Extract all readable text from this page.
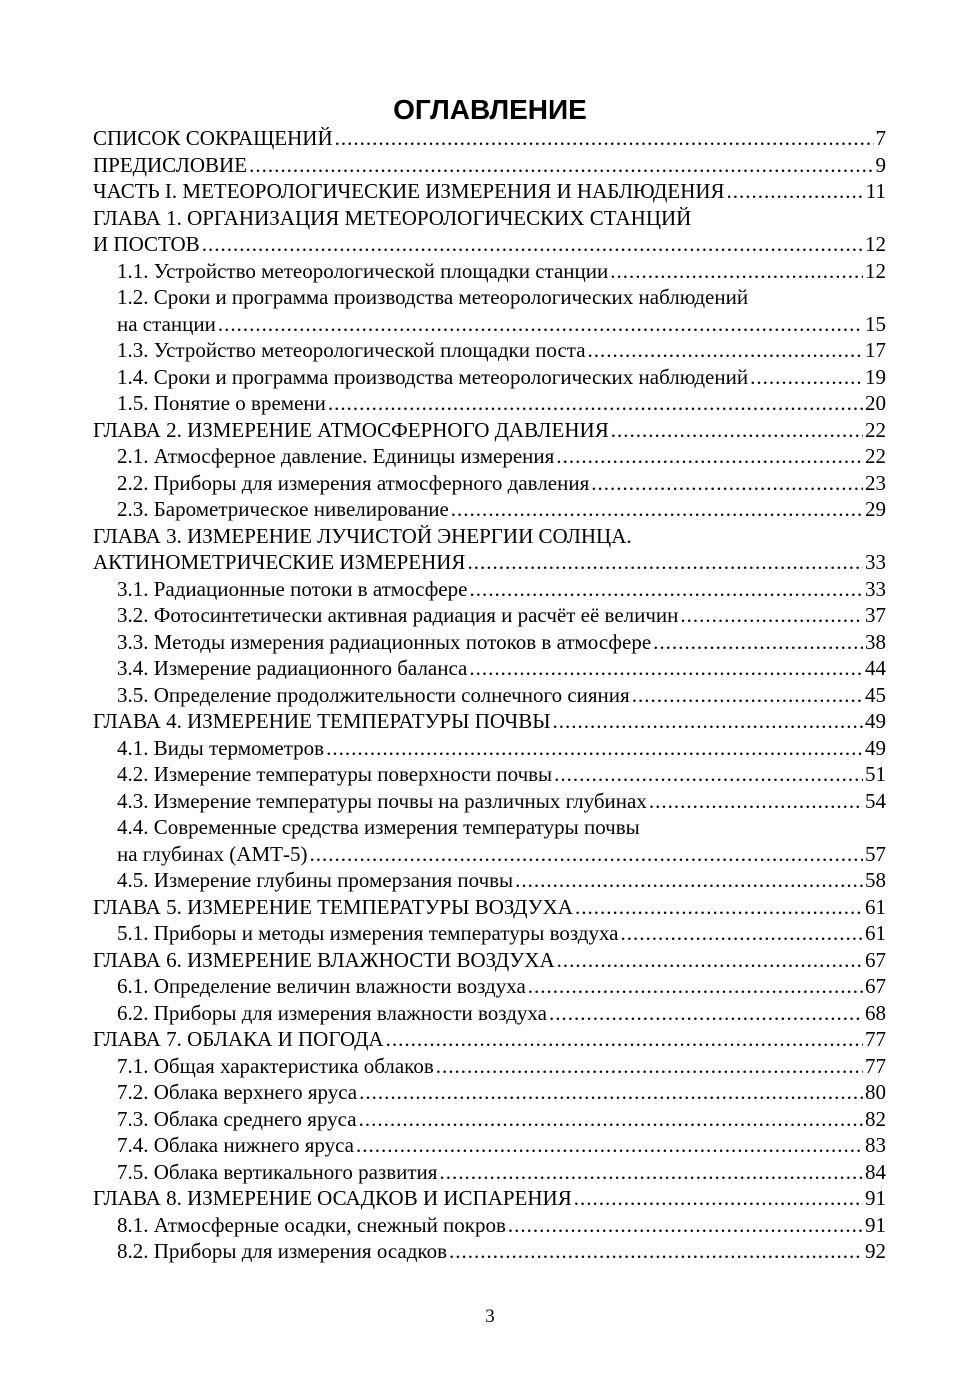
ОГЛАВЛЕНИЕ
СПИСОК СОКРАЩЕНИЙ .....	7
ПРЕДИСЛОВИЕ .....	9
ЧАСТЬ I. МЕТЕОРОЛОГИЧЕСКИЕ ИЗМЕРЕНИЯ И НАБЛЮДЕНИЯ .....	11
ГЛАВА 1. ОРГАНИЗАЦИЯ МЕТЕОРОЛОГИЧЕСКИХ СТАНЦИЙ
И ПОСТОВ .....	12
1.1. Устройство метеорологической площадки станции .....	12
1.2. Сроки и программа производства метеорологических наблюдений
на станции .....	15
1.3. Устройство метеорологической площадки поста .....	17
1.4. Сроки и программа производства метеорологических наблюдений .....	19
1.5. Понятие о времени .....	20
ГЛАВА 2. ИЗМЕРЕНИЕ АТМОСФЕРНОГО ДАВЛЕНИЯ .....	22
2.1. Атмосферное давление. Единицы измерения .....	22
2.2. Приборы для измерения атмосферного давления .....	23
2.3. Барометрическое нивелирование .....	29
ГЛАВА 3. ИЗМЕРЕНИЕ ЛУЧИСТОЙ ЭНЕРГИИ СОЛНЦА.
АКТИНОМЕТРИЧЕСКИЕ ИЗМЕРЕНИЯ .....	33
3.1. Радиационные потоки в атмосфере .....	33
3.2. Фотосинтетически активная радиация и расчёт её величин .....	37
3.3. Методы измерения радиационных потоков в атмосфере .....	38
3.4. Измерение радиационного баланса .....	44
3.5. Определение продолжительности солнечного сияния .....	45
ГЛАВА 4. ИЗМЕРЕНИЕ ТЕМПЕРАТУРЫ ПОЧВЫ .....	49
4.1. Виды термометров .....	49
4.2. Измерение температуры поверхности почвы .....	51
4.3. Измерение температуры почвы на различных глубинах .....	54
4.4. Современные средства измерения температуры почвы
на глубинах (АМТ-5) .....	57
4.5. Измерение глубины промерзания почвы .....	58
ГЛАВА 5. ИЗМЕРЕНИЕ ТЕМПЕРАТУРЫ ВОЗДУХА .....	61
5.1. Приборы и методы измерения температуры воздуха .....	61
ГЛАВА 6. ИЗМЕРЕНИЕ ВЛАЖНОСТИ ВОЗДУХА .....	67
6.1. Определение величин влажности воздуха .....	67
6.2. Приборы для измерения влажности воздуха .....	68
ГЛАВА 7. ОБЛАКА И ПОГОДА .....	77
7.1. Общая характеристика облаков .....	77
7.2. Облака верхнего яруса .....	80
7.3. Облака среднего яруса .....	82
7.4. Облака нижнего яруса .....	83
7.5. Облака вертикального развития .....	84
ГЛАВА 8. ИЗМЕРЕНИЕ ОСАДКОВ И ИСПАРЕНИЯ .....	91
8.1. Атмосферные осадки, снежный покров .....	91
8.2. Приборы для измерения осадков .....	92
3
